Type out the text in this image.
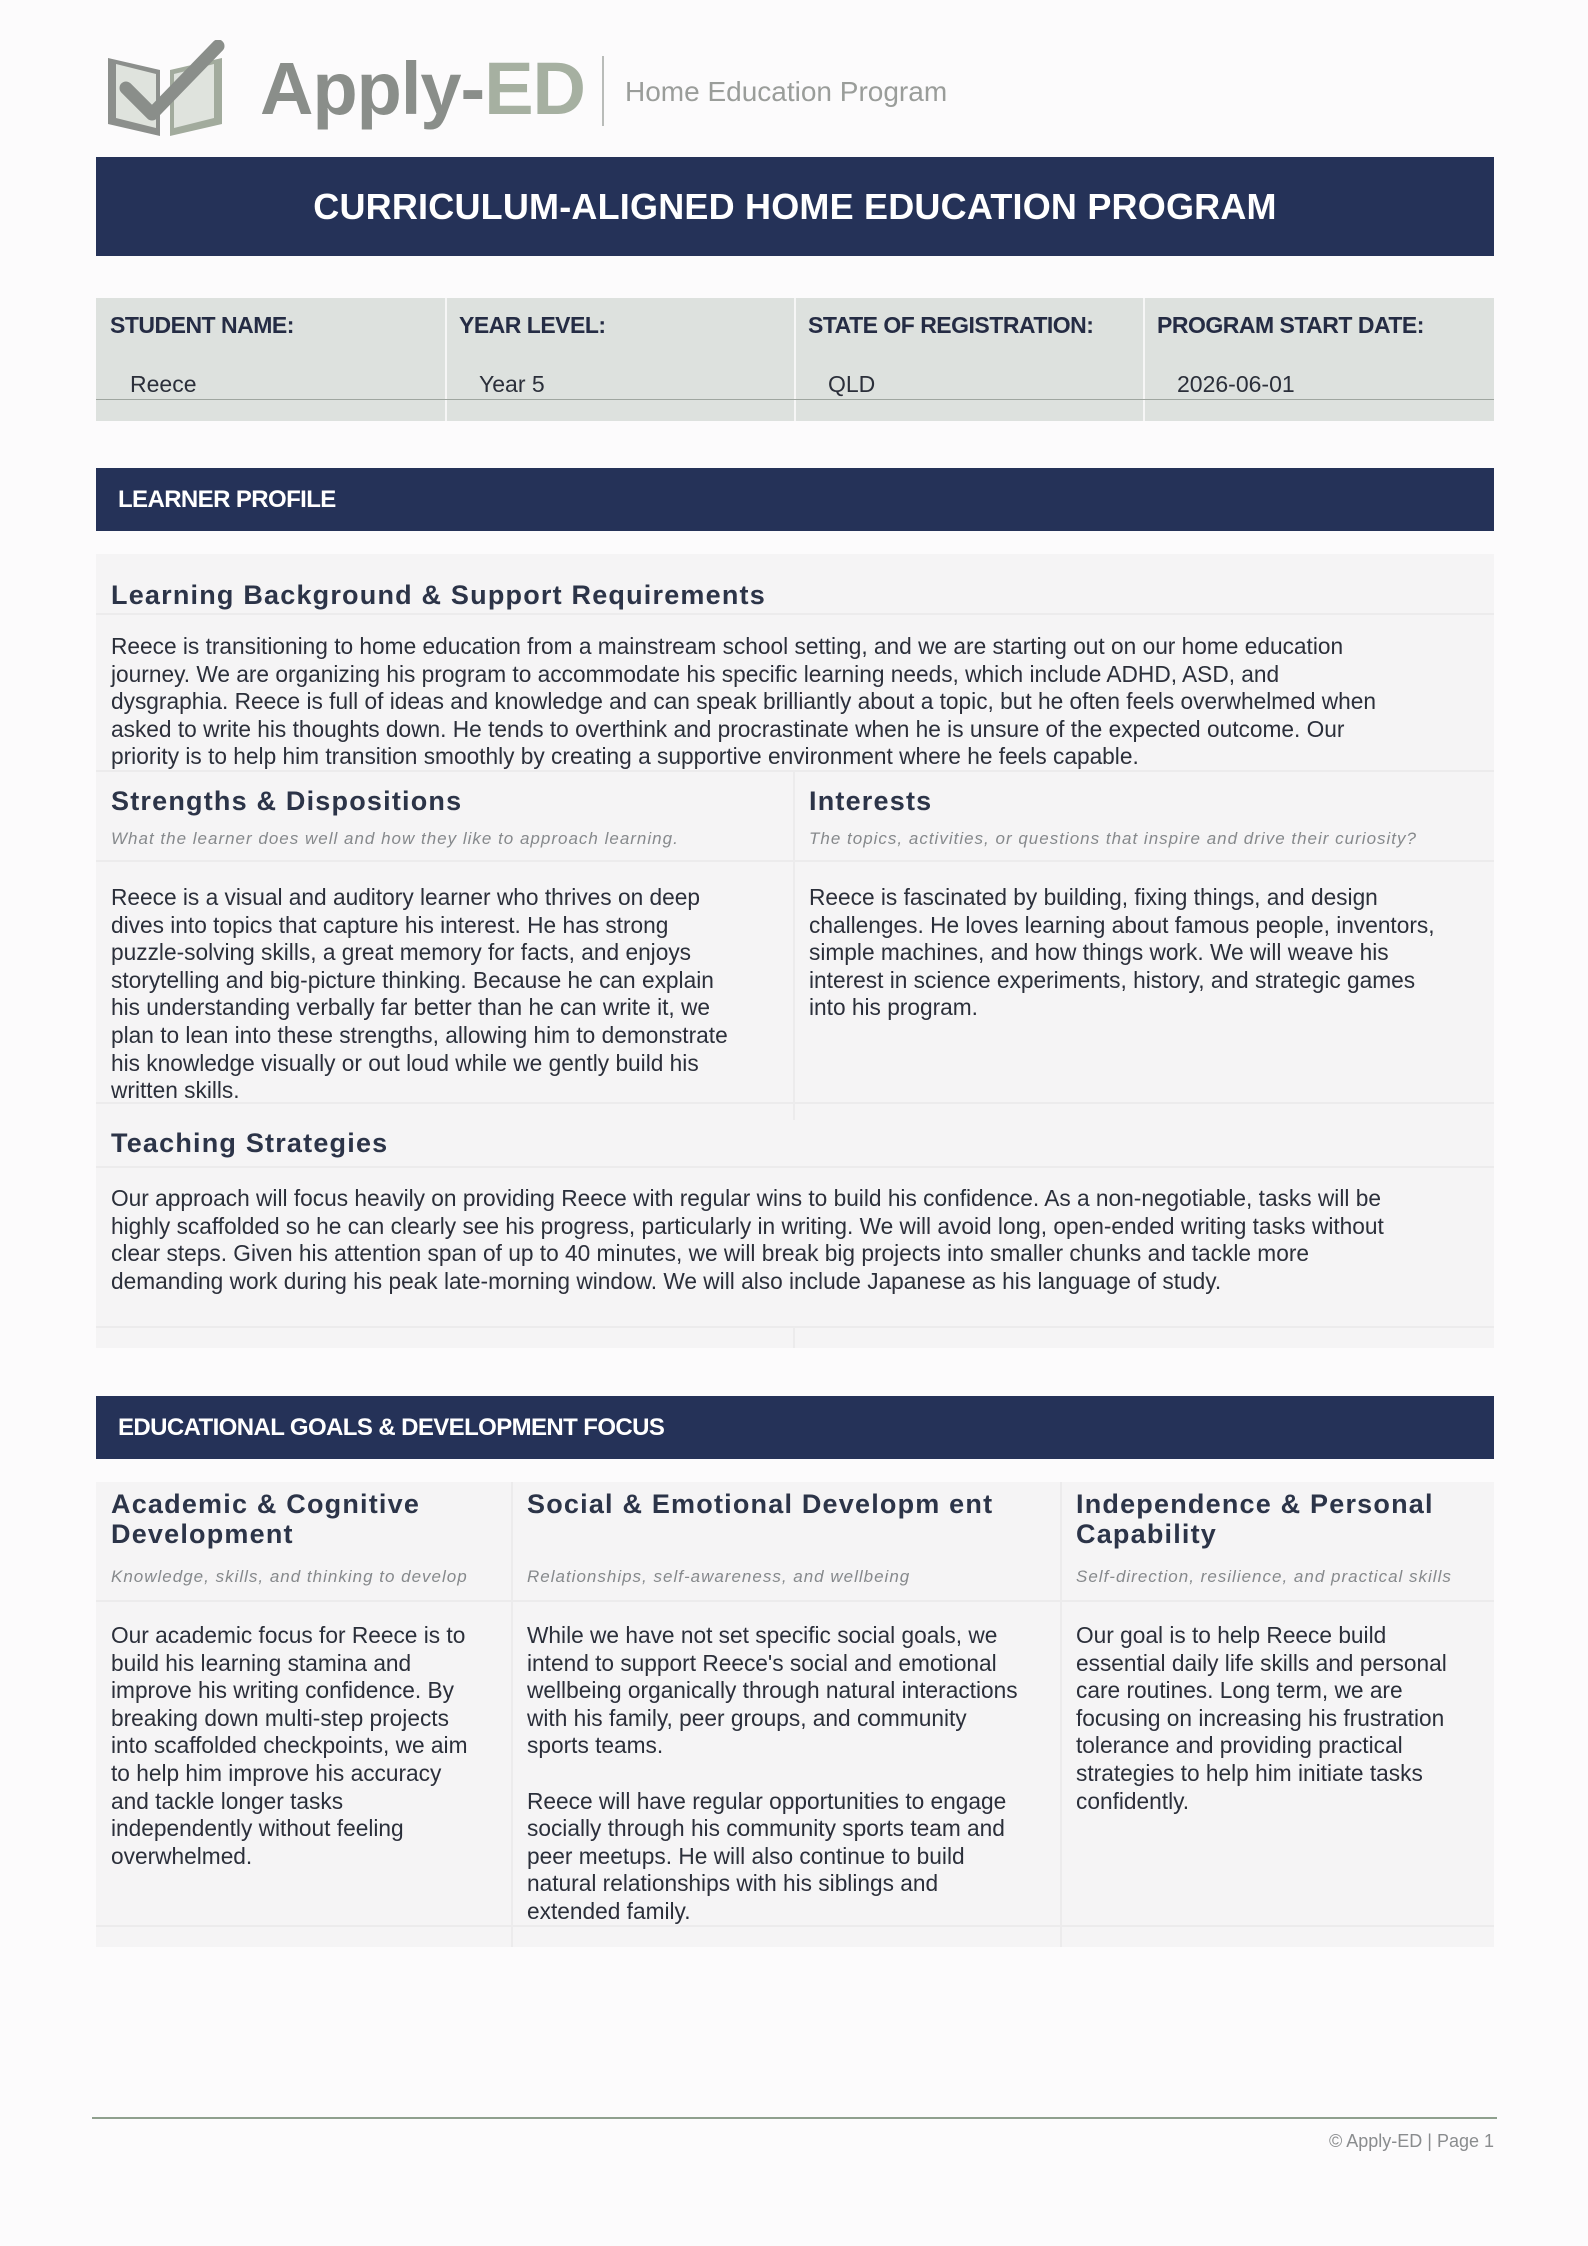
Apply-ED Home Education Program
CURRICULUM-ALIGNED HOME EDUCATION PROGRAM
STUDENT NAME:
Reece
YEAR LEVEL:
Year 5
STATE OF REGISTRATION:
QLD
PROGRAM START DATE:
2026-06-01
LEARNER PROFILE
Learning Background & Support Requirements
Reece is transitioning to home education from a mainstream school setting, and we are starting out on our home education
journey. We are organizing his program to accommodate his specific learning needs, which include ADHD, ASD, and
dysgraphia. Reece is full of ideas and knowledge and can speak brilliantly about a topic, but he often feels overwhelmed when
asked to write his thoughts down. He tends to overthink and procrastinate when he is unsure of the expected outcome. Our
priority is to help him transition smoothly by creating a supportive environment where he feels capable.
Strengths & Dispositions
What the learner does well and how they like to approach learning.
Reece is a visual and auditory learner who thrives on deep
dives into topics that capture his interest. He has strong
puzzle-solving skills, a great memory for facts, and enjoys
storytelling and big-picture thinking. Because he can explain
his understanding verbally far better than he can write it, we
plan to lean into these strengths, allowing him to demonstrate
his knowledge visually or out loud while we gently build his
written skills.
Interests
The topics, activities, or questions that inspire and drive their curiosity?
Reece is fascinated by building, fixing things, and design
challenges. He loves learning about famous people, inventors,
simple machines, and how things work. We will weave his
interest in science experiments, history, and strategic games
into his program.
Teaching Strategies
Our approach will focus heavily on providing Reece with regular wins to build his confidence. As a non-negotiable, tasks will be
highly scaffolded so he can clearly see his progress, particularly in writing. We will avoid long, open-ended writing tasks without
clear steps. Given his attention span of up to 40 minutes, we will break big projects into smaller chunks and tackle more
demanding work during his peak late-morning window. We will also include Japanese as his language of study.
EDUCATIONAL GOALS & DEVELOPMENT FOCUS
Academic & Cognitive
Development
Knowledge, skills, and thinking to develop
Our academic focus for Reece is to
build his learning stamina and
improve his writing confidence. By
breaking down multi-step projects
into scaffolded checkpoints, we aim
to help him improve his accuracy
and tackle longer tasks
independently without feeling
overwhelmed.
Social & Emotional Developm ent
Relationships, self-awareness, and wellbeing
While we have not set specific social goals, we
intend to support Reece's social and emotional
wellbeing organically through natural interactions
with his family, peer groups, and community
sports teams.

Reece will have regular opportunities to engage
socially through his community sports team and
peer meetups. He will also continue to build
natural relationships with his siblings and
extended family.
Independence & Personal
Capability
Self-direction, resilience, and practical skills
Our goal is to help Reece build
essential daily life skills and personal
care routines. Long term, we are
focusing on increasing his frustration
tolerance and providing practical
strategies to help him initiate tasks
confidently.
© Apply-ED | Page 1
